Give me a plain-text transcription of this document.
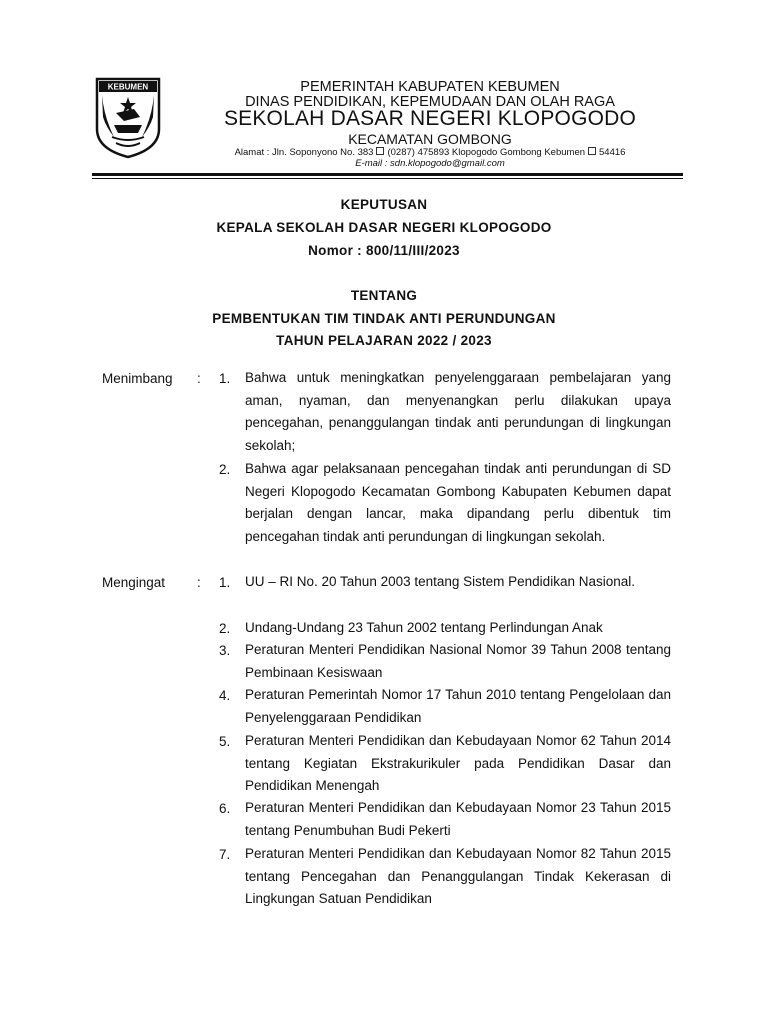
KEBUMEN	PEMERINTAH KABUPATEN KEBUMEN
DINAS PENDIDIKAN, KEPEMUDAAN DAN OLAH RAGA
SEKOLAH DASAR NEGERI KLOPOGODO
KECAMATAN GOMBONG
Alamat : Jln. Soponyono No. 383 (0287) 475893 Klopogodo Gombong Kebumen 54416
E-mail : sdn.klopogodo@gmail.com
KEPUTUSAN
KEPALA SEKOLAH DASAR NEGERI KLOPOGODO
Nomor : 800/11/III/2023
TENTANG
PEMBENTUKAN TIM TINDAK ANTI PERUNDUNGAN
TAHUN PELAJARAN 2022 / 2023
Menimbang : 1. Bahwa untuk meningkatkan penyelenggaraan pembelajaran yang aman, nyaman, dan menyenangkan perlu dilakukan upaya pencegahan, penanggulangan tindak anti perundungan di lingkungan sekolah;
2. Bahwa agar pelaksanaan pencegahan tindak anti perundungan di SD Negeri Klopogodo Kecamatan Gombong Kabupaten Kebumen dapat berjalan dengan lancar, maka dipandang perlu dibentuk tim pencegahan tindak anti perundungan di lingkungan sekolah.
Mengingat : 1. UU – RI No. 20 Tahun 2003 tentang Sistem Pendidikan Nasional.
2. Undang-Undang 23 Tahun 2002 tentang Perlindungan Anak
3. Peraturan Menteri Pendidikan Nasional Nomor 39 Tahun 2008 tentang Pembinaan Kesiswaan
4. Peraturan Pemerintah Nomor 17 Tahun 2010 tentang Pengelolaan dan Penyelenggaraan Pendidikan
5. Peraturan Menteri Pendidikan dan Kebudayaan Nomor 62 Tahun 2014 tentang Kegiatan Ekstrakurikuler pada Pendidikan Dasar dan Pendidikan Menengah
6. Peraturan Menteri Pendidikan dan Kebudayaan Nomor 23 Tahun 2015 tentang Penumbuhan Budi Pekerti
7. Peraturan Menteri Pendidikan dan Kebudayaan Nomor 82 Tahun 2015 tentang Pencegahan dan Penanggulangan Tindak Kekerasan di Lingkungan Satuan Pendidikan
